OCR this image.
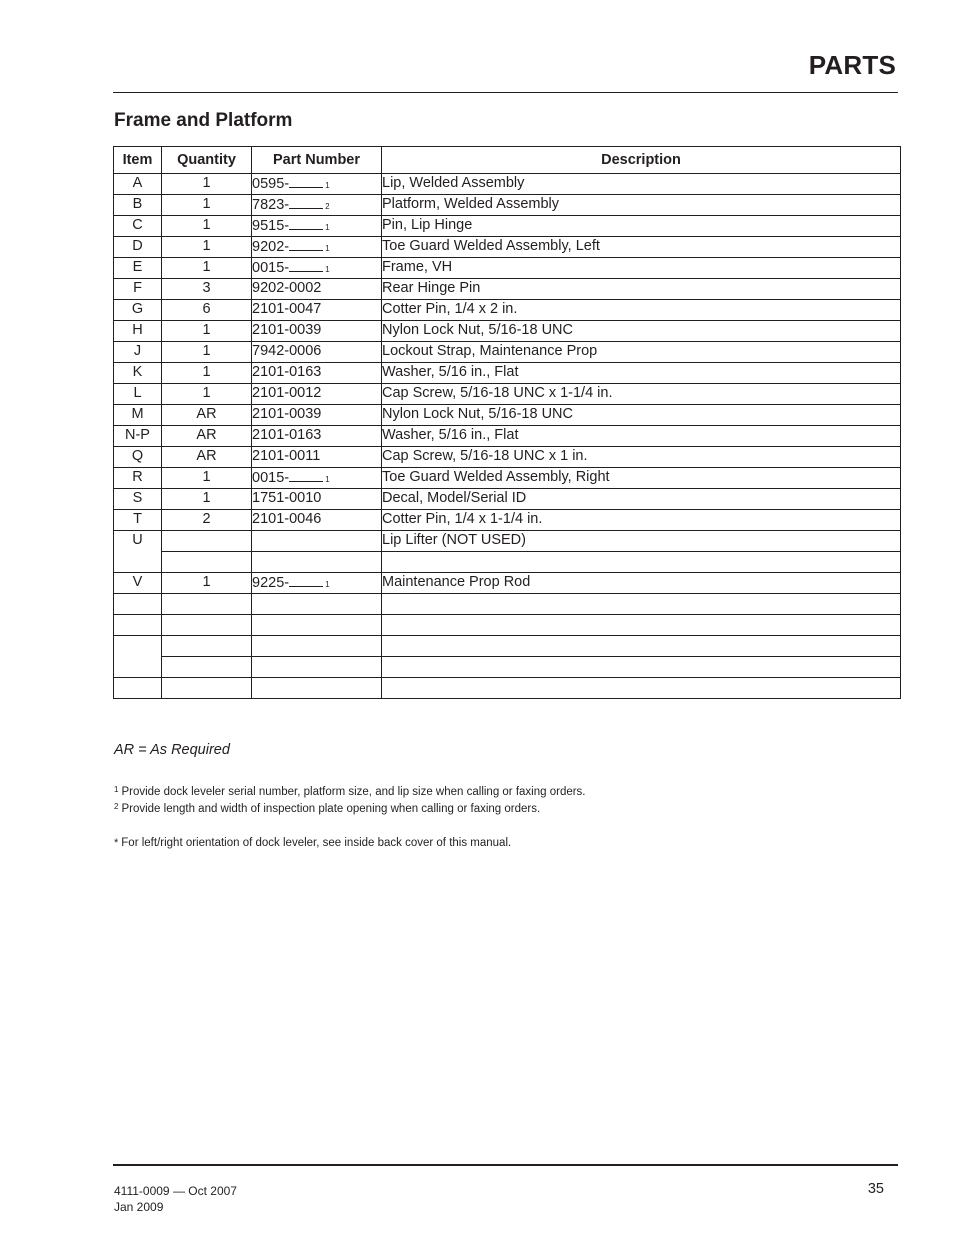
PARTS
Frame and Platform
Item	Quantity	Part Number	Description
A	1	0595- $^1$	Lip, Welded Assembly
B	1	7823- $^2$	Platform, Welded Assembly
C	1	9515- $^1$	Pin, Lip Hinge
D	1	9202- $^1$	Toe Guard Welded Assembly, Left
E	1	0015- $^1$	Frame, VH
F	3	9202-0002	Rear Hinge Pin
G	6	2101-0047	Cotter Pin, 1/4 x 2 in.
H	1	2101-0039	Nylon Lock Nut, 5/16-18 UNC
J	1	7942-0006	Lockout Strap, Maintenance Prop
K	1	2101-0163	Washer, 5/16 in., Flat
L	1	2101-0012	Cap Screw, 5/16-18 UNC x 1-1/4 in.
M	AR	2101-0039	Nylon Lock Nut, 5/16-18 UNC
N-P	AR	2101-0163	Washer, 5/16 in., Flat
Q	AR	2101-0011	Cap Screw, 5/16-18 UNC x 1 in.
R	1	0015- $^1$	Toe Guard Welded Assembly, Right
S	1	1751-0010	Decal, Model/Serial ID
T	2	2101-0046	Cotter Pin, 1/4 x 1-1/4 in.
U			Lip Lifter (NOT USED)

V	1	9225- $^1$	Maintenance Prop Rod

AR = As Required
$^1$ Provide dock leveler serial number, platform size, and lip size when calling or faxing orders.
$^2$ Provide length and width of inspection plate opening when calling or faxing orders.
* For left/right orientation of dock leveler, see inside back cover of this manual.
4111-0009 — Oct 2007
Jan 2009
35
